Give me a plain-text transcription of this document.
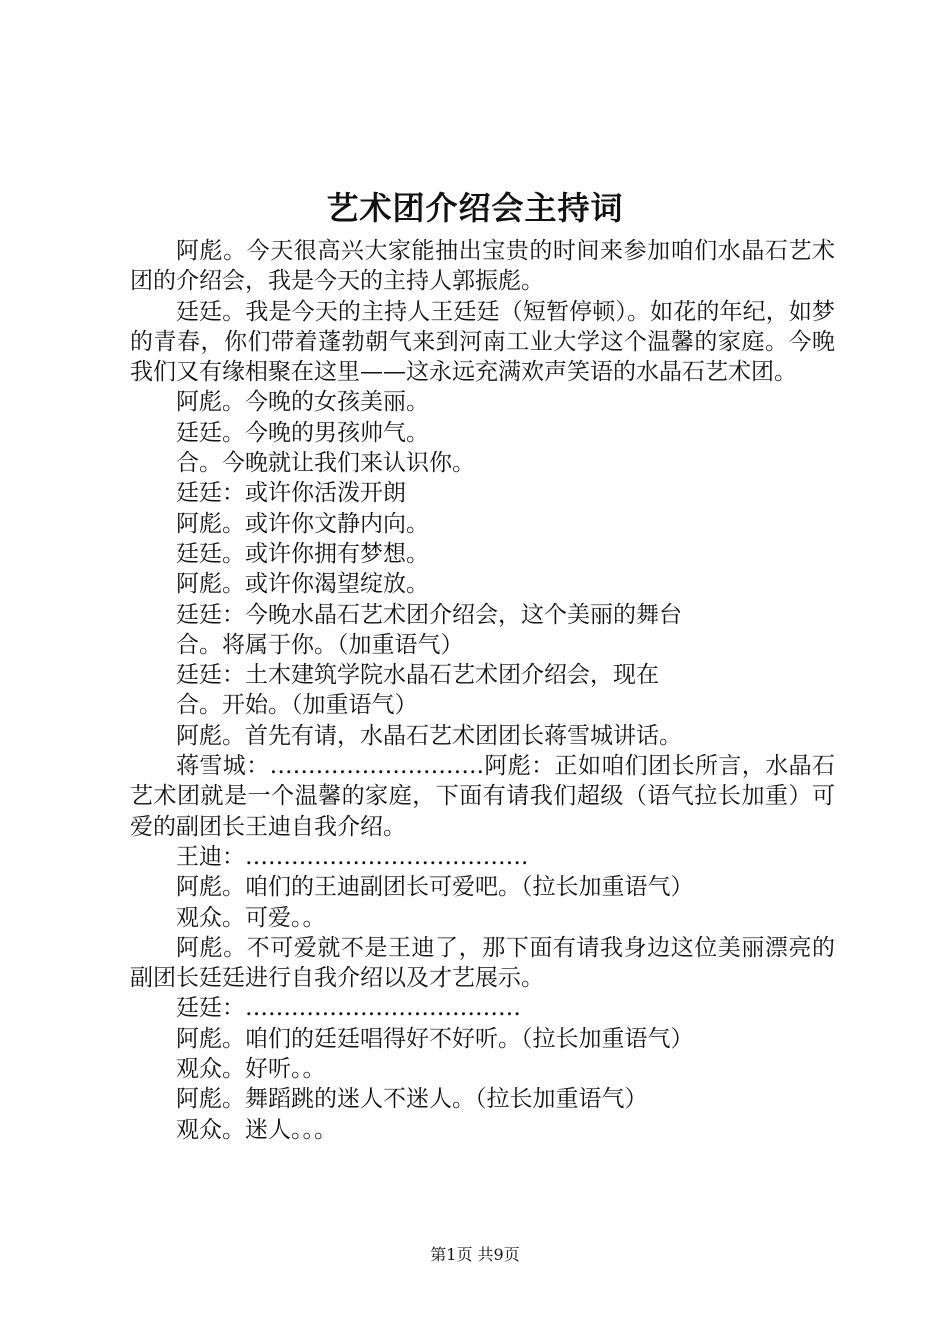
艺术团介绍会主持词

阿彪。今天很高兴大家能抽出宝贵的时间来参加咱们水晶石艺术团的介绍会，我是今天的主持人郭振彪。

廷廷。我是今天的主持人王廷廷（短暂停顿）。如花的年纪，如梦的青春，你们带着蓬勃朝气来到河南工业大学这个温馨的家庭。今晚我们又有缘相聚在这里——这永远充满欢声笑语的水晶石艺术团。

阿彪。今晚的女孩美丽。

廷廷。今晚的男孩帅气。

合。今晚就让我们来认识你。

廷廷：或许你活泼开朗

阿彪。或许你文静内向。

廷廷。或许你拥有梦想。

阿彪。或许你渴望绽放。

廷廷：今晚水晶石艺术团介绍会，这个美丽的舞台

合。将属于你。（加重语气）

廷廷：土木建筑学院水晶石艺术团介绍会，现在

合。开始。（加重语气）

阿彪。首先有请，水晶石艺术团团长蒋雪城讲话。

蒋雪城：……………………….阿彪：正如咱们团长所言，水晶石艺术团就是一个温馨的家庭，下面有请我们超级（语气拉长加重）可爱的副团长王迪自我介绍。

王迪：……………………………….

阿彪。咱们的王迪副团长可爱吧。（拉长加重语气）

观众。可爱。。

阿彪。不可爱就不是王迪了，那下面有请我身边这位美丽漂亮的副团长廷廷进行自我介绍以及才艺展示。

廷廷：………………………………

阿彪。咱们的廷廷唱得好不好听。（拉长加重语气）

观众。好听。。

阿彪。舞蹈跳的迷人不迷人。（拉长加重语气）

观众。迷人。。。

第1页 共9页
